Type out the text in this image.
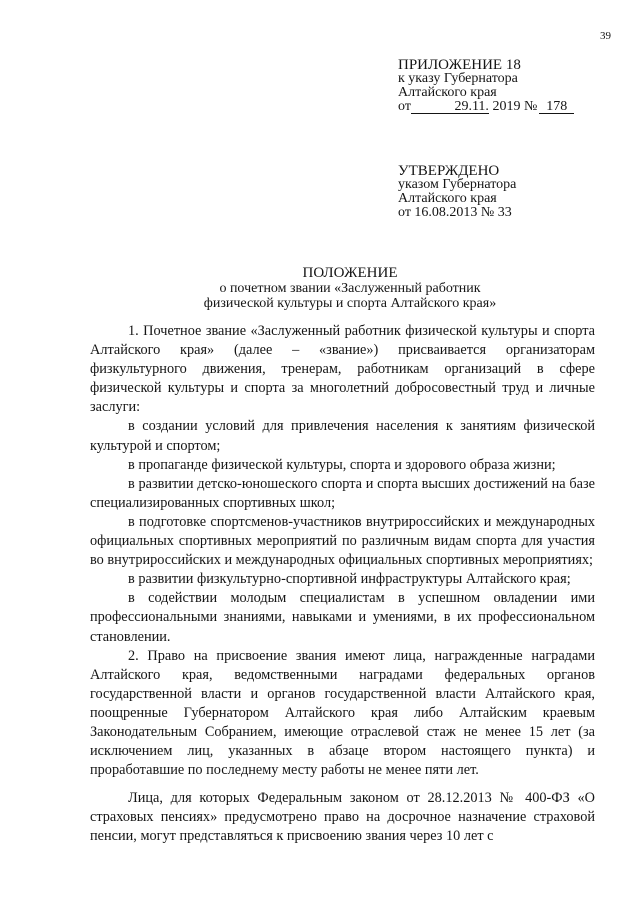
39
ПРИЛОЖЕНИЕ 18
к указу Губернатора
Алтайского края
от	29.11. 2019 № 178
УТВЕРЖДЕНО
указом Губернатора
Алтайского края
от 16.08.2013 № 33
ПОЛОЖЕНИЕ
о почетном звании «Заслуженный работник
физической культуры и спорта Алтайского края»

1. Почетное звание «Заслуженный работник физической культуры и спорта Алтайского края» (далее – «звание») присваивается организаторам физкультурного движения, тренерам, работникам организаций в сфере физической культуры и спорта за многолетний добросовестный труд и личные заслуги:

в создании условий для привлечения населения к занятиям физической культурой и спортом;

в пропаганде физической культуры, спорта и здорового образа жизни;

в развитии детско-юношеского спорта и спорта высших достижений на базе специализированных спортивных школ;

в подготовке спортсменов-участников внутрироссийских и международных официальных спортивных мероприятий по различным видам спорта для участия во внутрироссийских и международных официальных спортивных мероприятиях;

в развитии физкультурно-спортивной инфраструктуры Алтайского края;

в содействии молодым специалистам в успешном овладении ими профессиональными знаниями, навыками и умениями, в их профессиональном становлении.

2. Право на присвоение звания имеют лица, награжденные наградами Алтайского края, ведомственными наградами федеральных органов государственной власти и органов государственной власти Алтайского края, поощренные Губернатором Алтайского края либо Алтайским краевым Законодательным Собранием, имеющие отраслевой стаж не менее 15 лет (за исключением лиц, указанных в абзаце втором настоящего пункта) и проработавшие по последнему месту работы не менее пяти лет.

Лица, для которых Федеральным законом от 28.12.2013 № 400-ФЗ «О страховых пенсиях» предусмотрено право на досрочное назначение страховой пенсии, могут представляться к присвоению звания через 10 лет с
